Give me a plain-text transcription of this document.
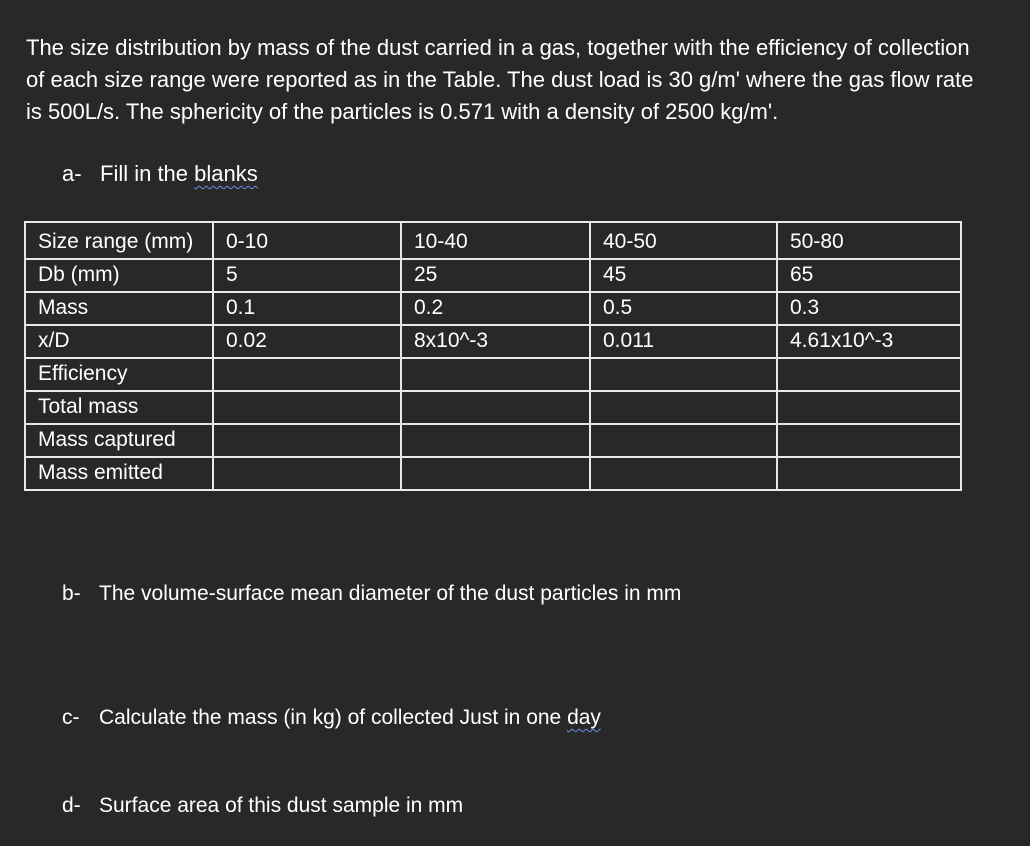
The size distribution by mass of the dust carried in a gas, together with the efficiency of collection of each size range were reported as in the Table. The dust load is 30 g/m' where the gas flow rate is 500L/s. The sphericity of the particles is 0.571 with a density of 2500 kg/m'.

a- Fill in the blanks
Size range (mm)	0-10	10-40	40-50	50-80
Db (mm)	5	25	45	65
Mass	0.1	0.2	0.5	0.3
x/D	0.02	8x10^-3	0.011	4.61x10^-3
Efficiency				
Total mass				
Mass captured				
Mass emitted				
b- The volume-surface mean diameter of the dust particles in mm
c- Calculate the mass (in kg) of collected Just in one day
d- Surface area of this dust sample in mm
